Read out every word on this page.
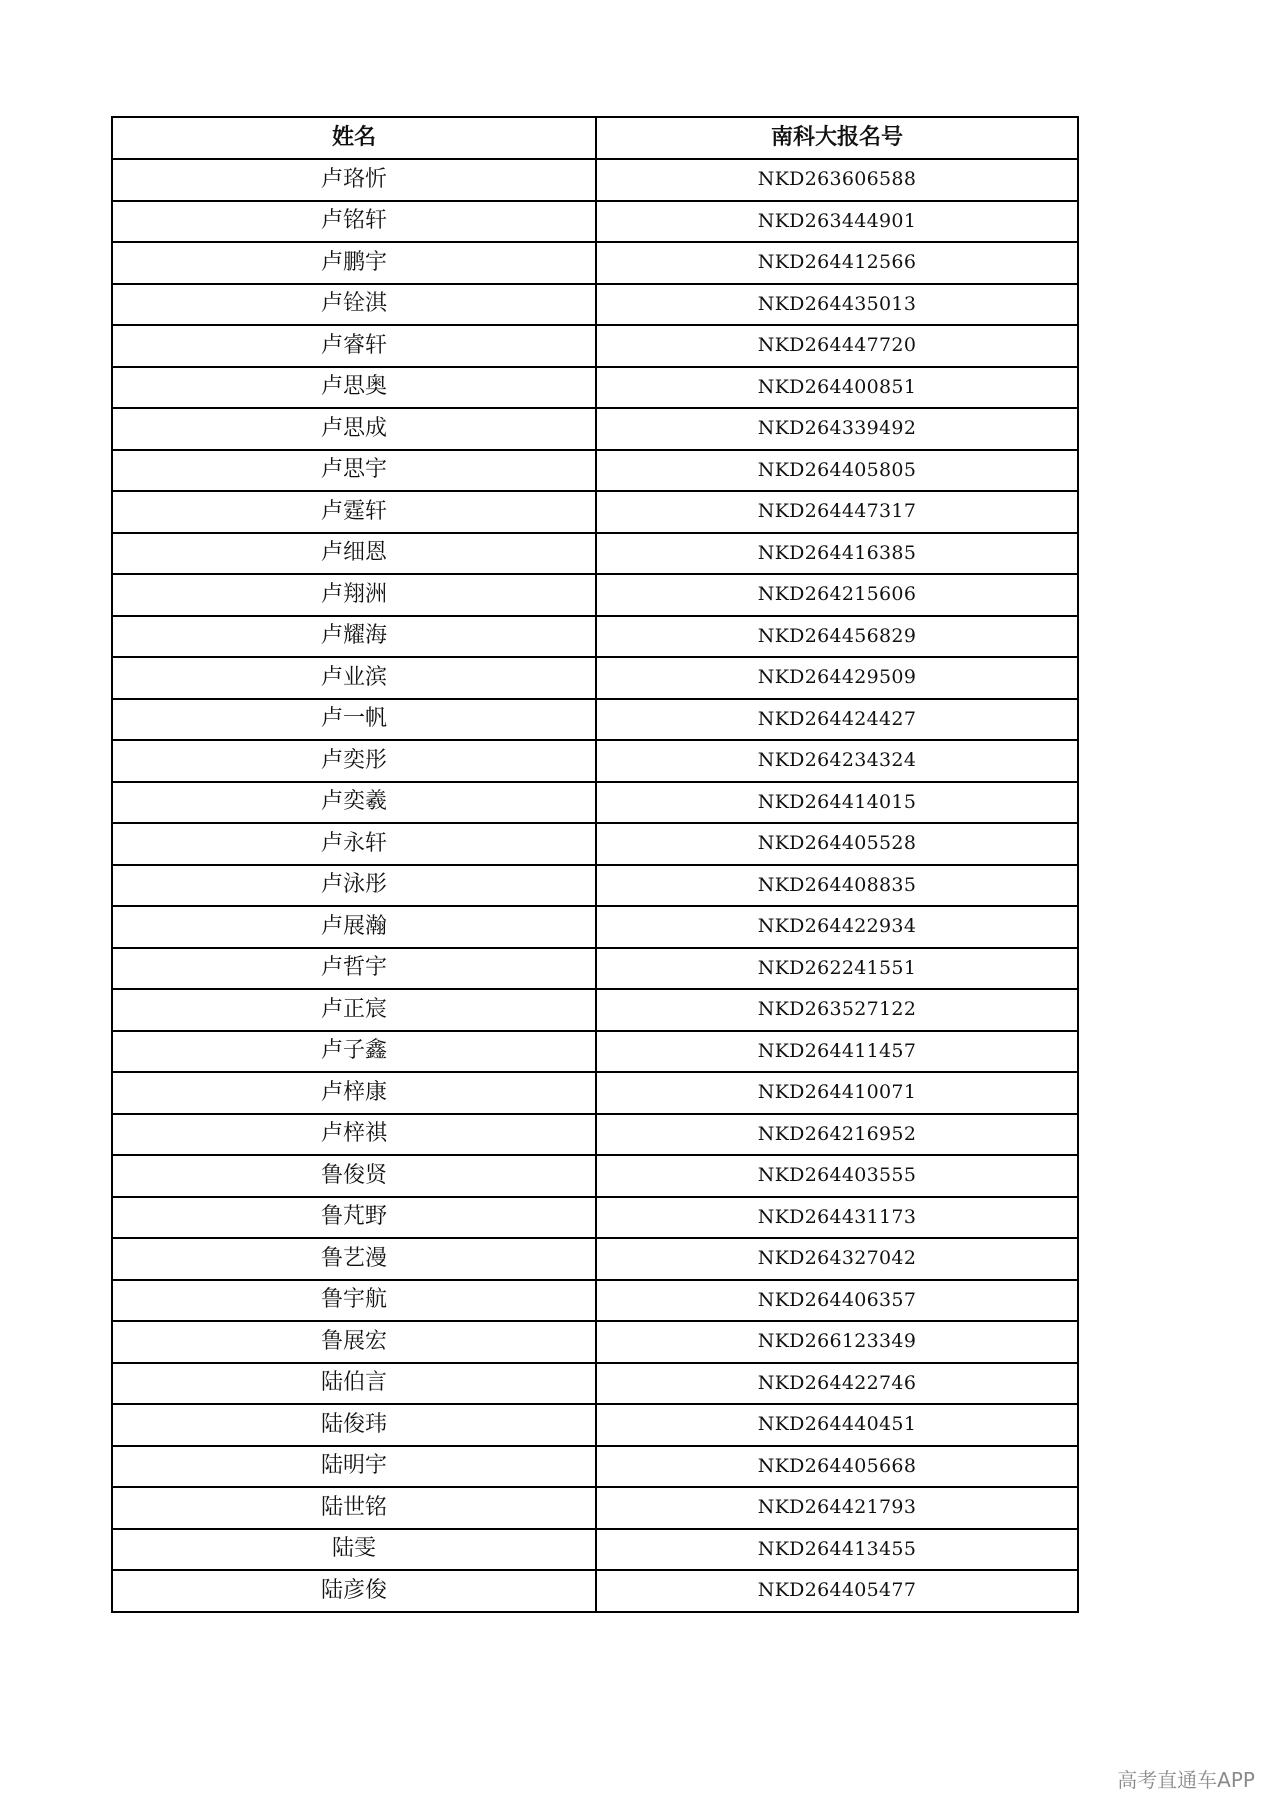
姓名	南科大报名号
卢珞忻	NKD263606588
卢铭轩	NKD263444901
卢鹏宇	NKD264412566
卢铨淇	NKD264435013
卢睿轩	NKD264447720
卢思奥	NKD264400851
卢思成	NKD264339492
卢思宇	NKD264405805
卢霆轩	NKD264447317
卢细恩	NKD264416385
卢翔洲	NKD264215606
卢耀海	NKD264456829
卢业滨	NKD264429509
卢一帆	NKD264424427
卢奕彤	NKD264234324
卢奕羲	NKD264414015
卢永轩	NKD264405528
卢泳彤	NKD264408835
卢展瀚	NKD264422934
卢哲宇	NKD262241551
卢正宸	NKD263527122
卢子鑫	NKD264411457
卢梓康	NKD264410071
卢梓祺	NKD264216952
鲁俊贤	NKD264403555
鲁芃野	NKD264431173
鲁艺漫	NKD264327042
鲁宇航	NKD264406357
鲁展宏	NKD266123349
陆伯言	NKD264422746
陆俊玮	NKD264440451
陆明宇	NKD264405668
陆世铭	NKD264421793
陆雯	NKD264413455
陆彦俊	NKD264405477
高考直通车APP
